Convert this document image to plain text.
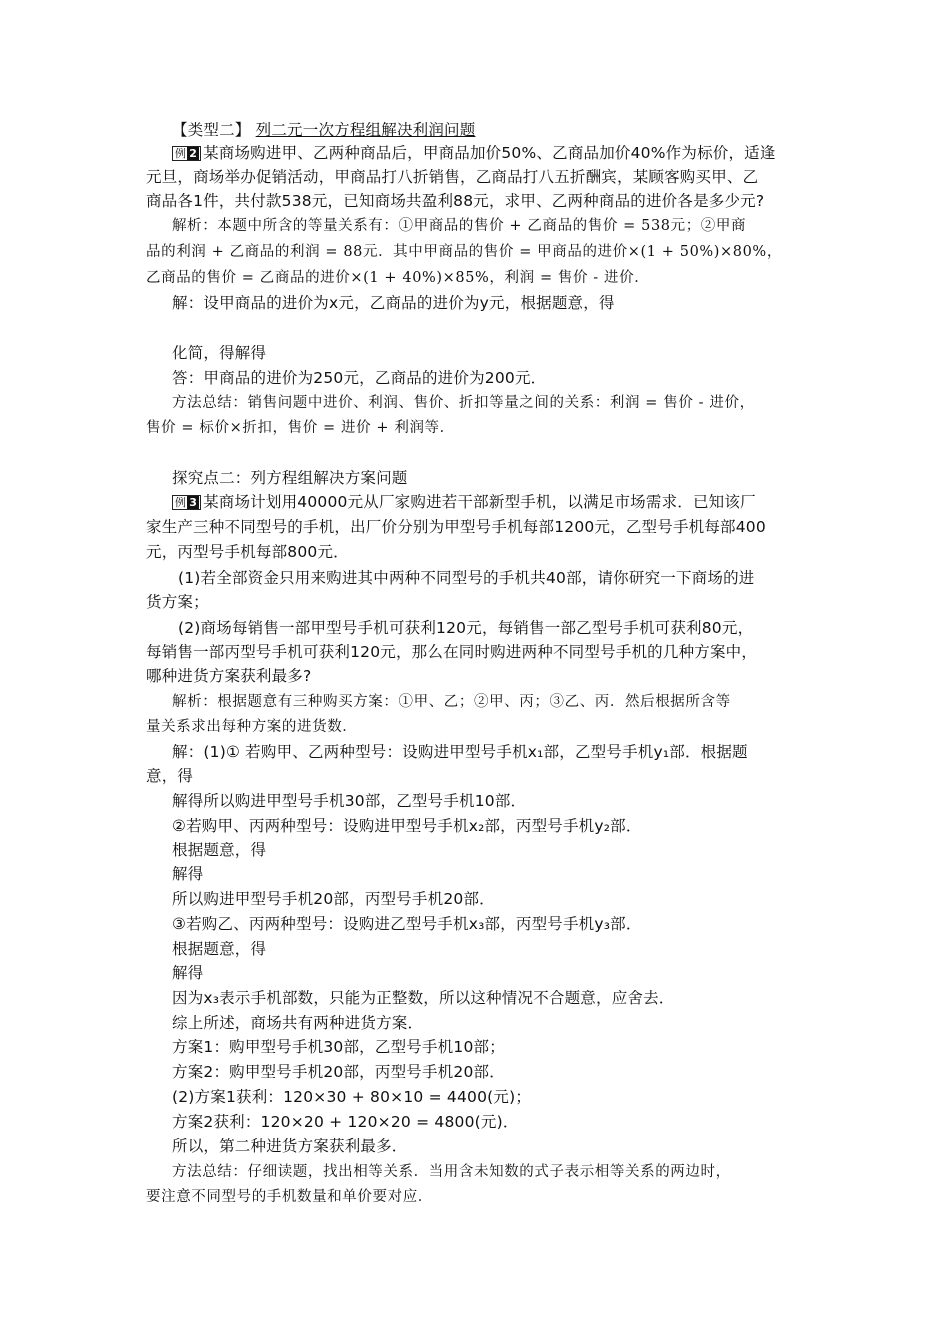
【类型二】 列二元一次方程组解决利润问题
例 2 某商场购进甲、乙两种商品后，甲商品加价50%、乙商品加价40%作为标价，适逢
元旦，商场举办促销活动，甲商品打八折销售，乙商品打八五折酬宾，某顾客购买甲、乙
商品各1件，共付款538元，已知商场共盈利88元，求甲、乙两种商品的进价各是多少元?
解析：本题中所含的等量关系有：①甲商品的售价 + 乙商品的售价 = 538元；②甲商
品的利润 + 乙商品的利润 = 88元．其中甲商品的售价 = 甲商品的进价×(1 + 50%)×80%，
乙商品的售价 = 乙商品的进价×(1 + 40%)×85%，利润 = 售价 - 进价．
解：设甲商品的进价为x元，乙商品的进价为y元，根据题意，得
化简，得解得
答：甲商品的进价为250元，乙商品的进价为200元．
方法总结：销售问题中进价、利润、售价、折扣等量之间的关系：利润 = 售价 - 进价，
售价 = 标价×折扣，售价 = 进价 + 利润等．
探究点二：列方程组解决方案问题
例 3 某商场计划用40000元从厂家购进若干部新型手机，以满足市场需求．已知该厂
家生产三种不同型号的手机，出厂价分别为甲型号手机每部1200元，乙型号手机每部400
元，丙型号手机每部800元．
(1)若全部资金只用来购进其中两种不同型号的手机共40部，请你研究一下商场的进
货方案；
(2)商场每销售一部甲型号手机可获利120元，每销售一部乙型号手机可获利80元，
每销售一部丙型号手机可获利120元，那么在同时购进两种不同型号手机的几种方案中，
哪种进货方案获利最多?
解析：根据题意有三种购买方案：①甲、乙；②甲、丙；③乙、丙．然后根据所含等
量关系求出每种方案的进货数．
解：(1)① 若购甲、乙两种型号：设购进甲型号手机x₁部，乙型号手机y₁部．根据题
意，得
解得所以购进甲型号手机30部，乙型号手机10部．
②若购甲、丙两种型号：设购进甲型号手机x₂部，丙型号手机y₂部．
根据题意，得
解得
所以购进甲型号手机20部，丙型号手机20部．
③若购乙、丙两种型号：设购进乙型号手机x₃部，丙型号手机y₃部．
根据题意，得
解得
因为x₃表示手机部数，只能为正整数，所以这种情况不合题意，应舍去．
综上所述，商场共有两种进货方案．
方案1：购甲型号手机30部，乙型号手机10部；
方案2：购甲型号手机20部，丙型号手机20部．
(2)方案1获利：120×30 + 80×10 = 4400(元)；
方案2获利：120×20 + 120×20 = 4800(元)．
所以，第二种进货方案获利最多．
方法总结：仔细读题，找出相等关系．当用含未知数的式子表示相等关系的两边时，
要注意不同型号的手机数量和单价要对应．
